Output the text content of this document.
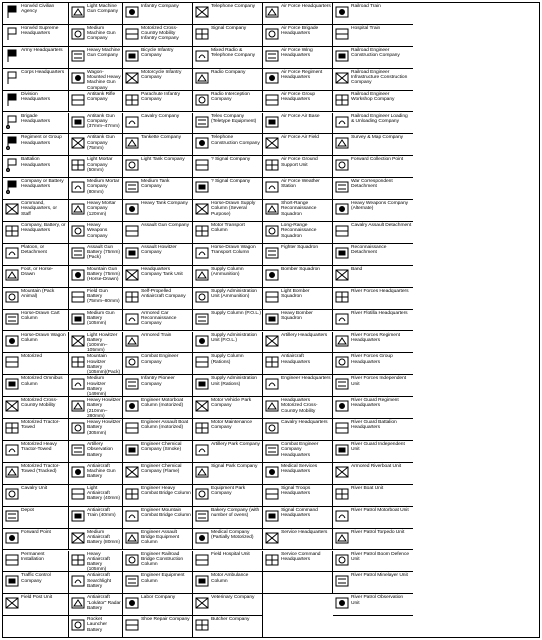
Honvéd Civilian Agency
Honvéd Supreme Headquarters
Army Headquarters
Corps Headquarters
Division Headquarters
Brigade Headquarters
Regiment or Group Headquarters
Battalion Headquarters
Company or Battery Headquarters
Command, Headquarters, or Staff
Company, Battery, or Headquarters
Platoon, or Detachment
Foot, or Horse-Drawn
Mountain (Pack Animal)
Horse-Drawn Cart Column
Horse-Drawn Wagon Column
Motorized
Motorized Omnibus Column
Motorized Cross-Country Mobility
Motorized Tractor-Towed
Motorized Heavy Tractor-Towed
Motorized Tractor-Towed (Tracked)
Cavalry Unit
Depot
Forward Point
Permanent Installation
Traffic Control Company
Field Post Unit
Light Machine Gun Company
Medium Machine Gun Company
Heavy Machine Gun Company
Wagon-Mounted Heavy Machine Gun Company
Antitank Rifle Company
Antitank Gun Company (37mm–47mm)
Antitank Gun Company (75mm)
Light Mortar Company (50mm)
Medium Mortar Company (80mm)
Heavy Mortar Company (120mm)
Heavy Weapons Company
Assault Gun Battery (75mm)(Pack)
Mountain Gun Battery (75mm)(Horse-Drawn)
Field Gun Battery (75mm–80mm)
Medium Gun Battery (105mm)
Light Howitzer Battery (100mm–105mm)
Mountain Howitzer Battery (105mm)(Pack)
Medium Howitzer Battery (149mm)
Heavy Howitzer Battery (210mm–280mm)
Heavy Howitzer Battery (305mm)
Artillery Observation Battery
Antiaircraft Machine Gun Battery
Light Antiaircraft Battery (40mm)
Antiaircraft Train (40mm)
Medium Antiaircraft Battery (80mm)
Heavy Antiaircraft Battery (105mm)
Antiaircraft Searchlight Battery
Antiaircraft "Lokátor" Radar Battery
Rocket Launcher Battery
Infantry Company
Motorized Cross-Country Mobility Infantry Company
Bicycle Infantry Company
Motorcycle Infantry Company
Parachute Infantry Company
Cavalry Company
Tankette Company
Light Tank Company
Medium Tank Company
Heavy Tank Company
Assault Gun Company
Assault Howitzer Company
Headquarters Company Tank Unit
Self-Propelled Antiaircraft Company
Armored Car Reconnaissance Company
Armored Train
Combat Engineer Company
Infantry Pioneer Company
Engineer Motorboat Column (motorized)
Engineer Assault Boat Column (motorized)
Engineer Chemical Company (Smoke)
Engineer Chemical Company (Flame)
Engineer Heavy Combat Bridge Column
Engineer Mountain Combat Bridge Column
Engineer Assault Bridge Equipment Column
Engineer Railroad Bridge Construction Column
Engineer Equipment Column
Labor Company
Shoe Repair Company
Telephone Company
Signal Company
Mixed Radio & Telephone Company
Radio Company
Radio Interception Company
Telex Company (Teletype Equipment)
Telephone Construction Company
? Signal Company
? Signal Company
Horse-Drawn Supply Column (Several Purpose)
Motor Transport Column
Horse-Drawn Wagon Transport Column
Supply Column (Ammunition)
Supply Administration Unit (Ammunition)
Supply Column (P.O.L.)
Supply Administration Unit (P.O.L.)
Supply Column (Rations)
Supply Administration Unit (Rations)
Motor Vehicle Park Company
Motor Maintenance Company
Artillery Park Company
Signal Park Company
Equipment Park Company
Bakery Company (with number of ovens)
Medical Company (Partially Motorized)
Field Hospital Unit
Motor Ambulance Column
Veterinary Company
Butcher Company
Air Force Headquarters
Air Force Brigade Headquarters
Air Force Wing Headquarters
Air Force Regiment Headquarters
Air Force Group Headquarters
Air Force Air Base
Air Force Air Field
Air Force Ground Support Unit
Air Force Weather Station
Short-Range Reconnaissance Squadron
Long-Range Reconnaissance Squadron
Fighter Squadron
Bomber Squadron
Light Bomber Squadron
Heavy Bomber Squadron
Artillery Headquarters
Antiaircraft Headquarters
Engineer Headquarters
Headquarters Motorized Cross-Country Mobility
Cavalry Headquarters
Combat Engineer Company Headquarters
Medical Services Headquarters
Signal Troops Headquarters
Signal Command Headquarters
Service Headquarters
Service Command Headquarters
Railroad Train
Hospital Train
Railroad Engineer Construction Company
Railroad Engineer Infrastructure Construction Company
Railroad Engineer Workshop Company
Railroad Engineer Loading & Unloading Company
Survey & Map Company
Forward Collection Point
War Correspondent Detachment
Heavy Weapons Company (Alternate)
Cavalry Assault Detachment
Reconnaissance Detachment
Band
River Forces Headquarters
River Flotilla Headquarters
River Forces Regiment Headquarters
River Forces Group Headquarters
River Forces Independent Unit
River Guard Regiment Headquarters
River Guard Battalion Headquarters
River Guard Independent Unit
Armored Riverboat Unit
River Boat Unit
River Patrol Motorboat Unit
River Patrol Torpedo Unit
River Patrol Boom Defence Unit
River Patrol Minelayer Unit
River Patrol Observation Unit
